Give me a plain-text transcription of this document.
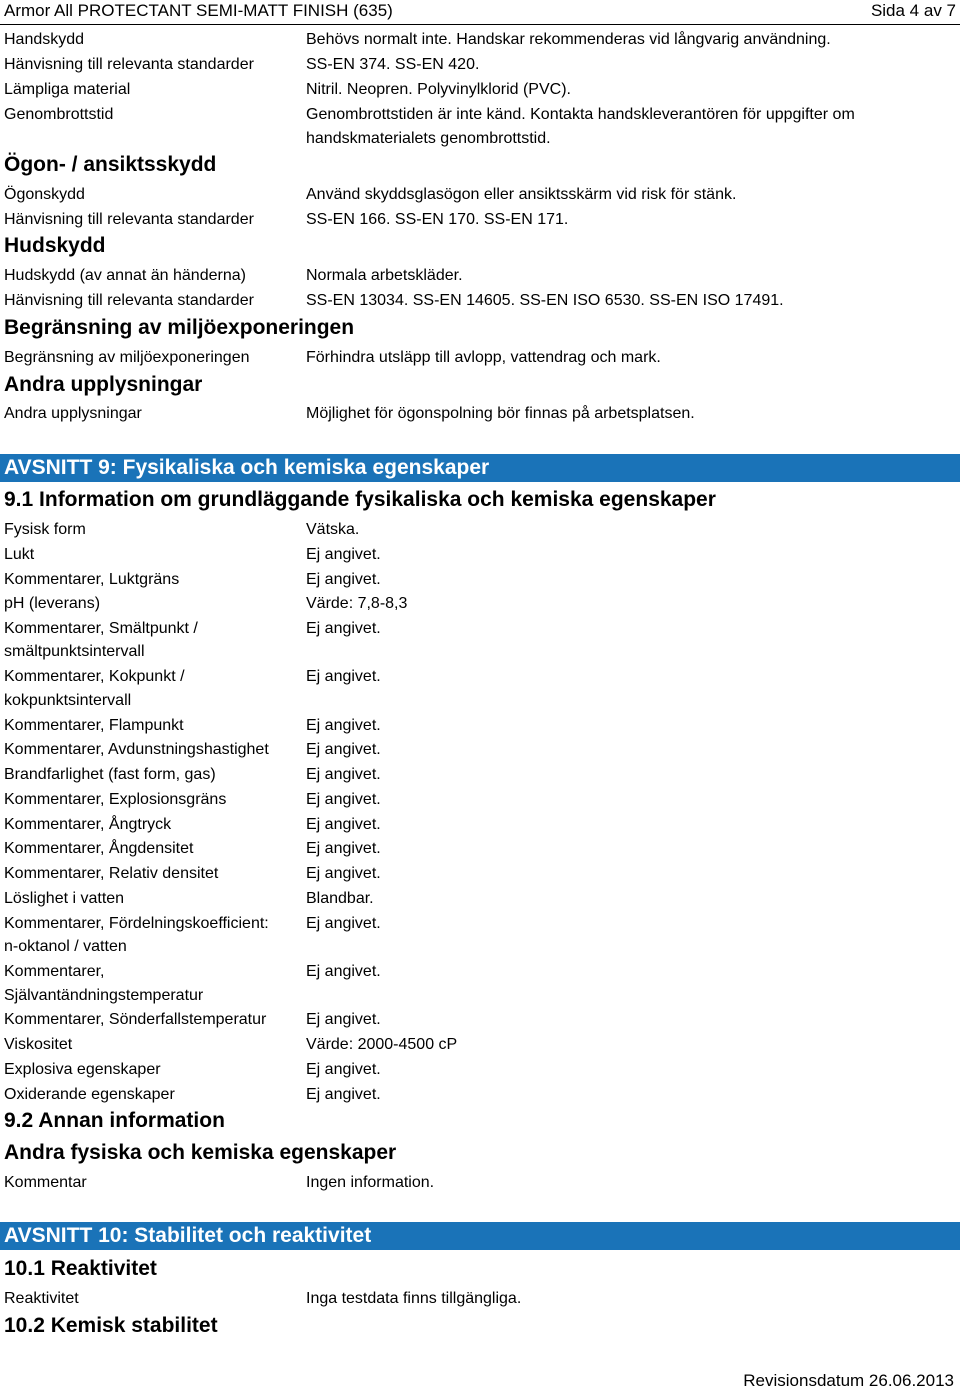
Armor All PROTECTANT SEMI-MATT FINISH (635)	Sida 4 av 7
Handskydd	Behövs normalt inte. Handskar rekommenderas vid långvarig användning.
Hänvisning till relevanta standarder	SS-EN 374. SS-EN 420.
Lämpliga material	Nitril. Neopren. Polyvinylklorid (PVC).
Genombrottstid	Genombrottstiden är inte känd. Kontakta handskleverantören för uppgifter om
handskmaterialets genombrottstid.
Ögon- / ansiktsskydd
Ögonskydd	Använd skyddsglasögon eller ansiktsskärm vid risk för stänk.
Hänvisning till relevanta standarder	SS-EN 166. SS-EN 170. SS-EN 171.
Hudskydd
Hudskydd (av annat än händerna)	Normala arbetskläder.
Hänvisning till relevanta standarder	SS-EN 13034. SS-EN 14605. SS-EN ISO 6530. SS-EN ISO 17491.
Begränsning av miljöexponeringen
Begränsning av miljöexponeringen	Förhindra utsläpp till avlopp, vattendrag och mark.
Andra upplysningar
Andra upplysningar	Möjlighet för ögonspolning bör finnas på arbetsplatsen.
AVSNITT 9: Fysikaliska och kemiska egenskaper
9.1 Information om grundläggande fysikaliska och kemiska egenskaper
Fysisk form	Vätska.
Lukt	Ej angivet.
Kommentarer, Luktgräns	Ej angivet.
pH (leverans)	Värde: 7,8-8,3
Kommentarer, Smältpunkt /	Ej angivet.
smältpunktsintervall
Kommentarer, Kokpunkt /	Ej angivet.
kokpunktsintervall
Kommentarer, Flampunkt	Ej angivet.
Kommentarer, Avdunstningshastighet	Ej angivet.
Brandfarlighet (fast form, gas)	Ej angivet.
Kommentarer, Explosionsgräns	Ej angivet.
Kommentarer, Ångtryck	Ej angivet.
Kommentarer, Ångdensitet	Ej angivet.
Kommentarer, Relativ densitet	Ej angivet.
Löslighet i vatten	Blandbar.
Kommentarer, Fördelningskoefficient:	Ej angivet.
n-oktanol / vatten
Kommentarer,	Ej angivet.
Självantändningstemperatur
Kommentarer, Sönderfallstemperatur	Ej angivet.
Viskositet	Värde: 2000-4500 cP
Explosiva egenskaper	Ej angivet.
Oxiderande egenskaper	Ej angivet.
9.2 Annan information
Andra fysiska och kemiska egenskaper
Kommentar	Ingen information.
AVSNITT 10: Stabilitet och reaktivitet
10.1 Reaktivitet
Reaktivitet	Inga testdata finns tillgängliga.
10.2 Kemisk stabilitet
Revisionsdatum 26.06.2013
